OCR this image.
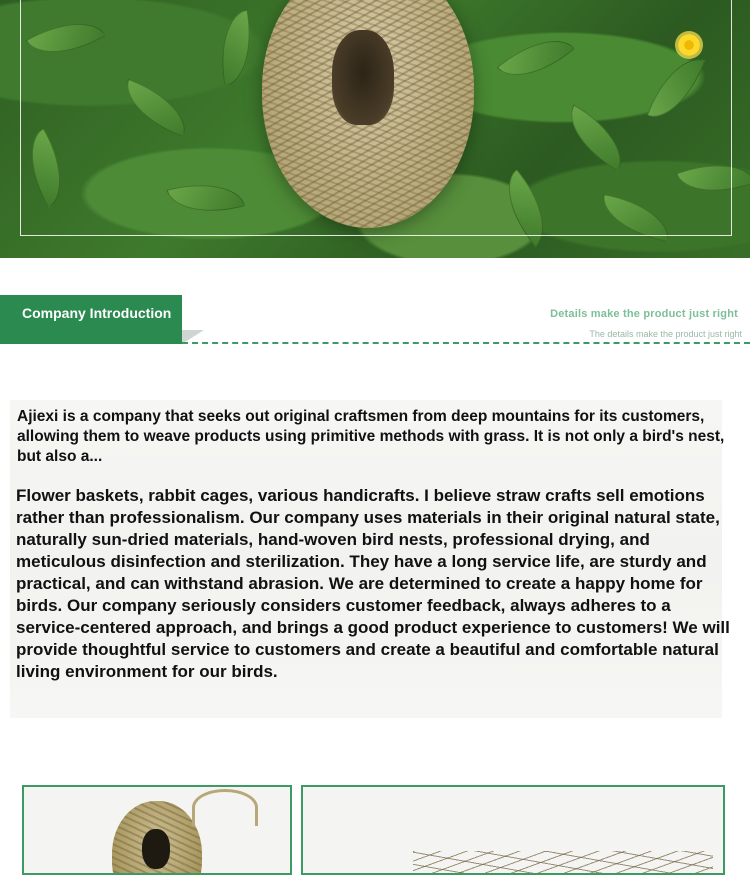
Company Introduction	Details make the product just right
The details make the product just right
Ajiexi is a company that seeks out original craftsmen from deep mountains for its customers, allowing them to weave products using primitive methods with grass. It is not only a bird's nest, but also a...
Flower baskets, rabbit cages, various handicrafts. I believe straw crafts sell emotions rather than professionalism. Our company uses materials in their original natural state, naturally sun-dried materials, hand-woven bird nests, professional drying, and meticulous disinfection and sterilization. They have a long service life, are sturdy and practical, and can withstand abrasion. We are determined to create a happy home for birds. Our company seriously considers customer feedback, always adheres to a service-centered approach, and brings a good product experience to customers! We will provide thoughtful service to customers and create a beautiful and comfortable natural living environment for our birds.
